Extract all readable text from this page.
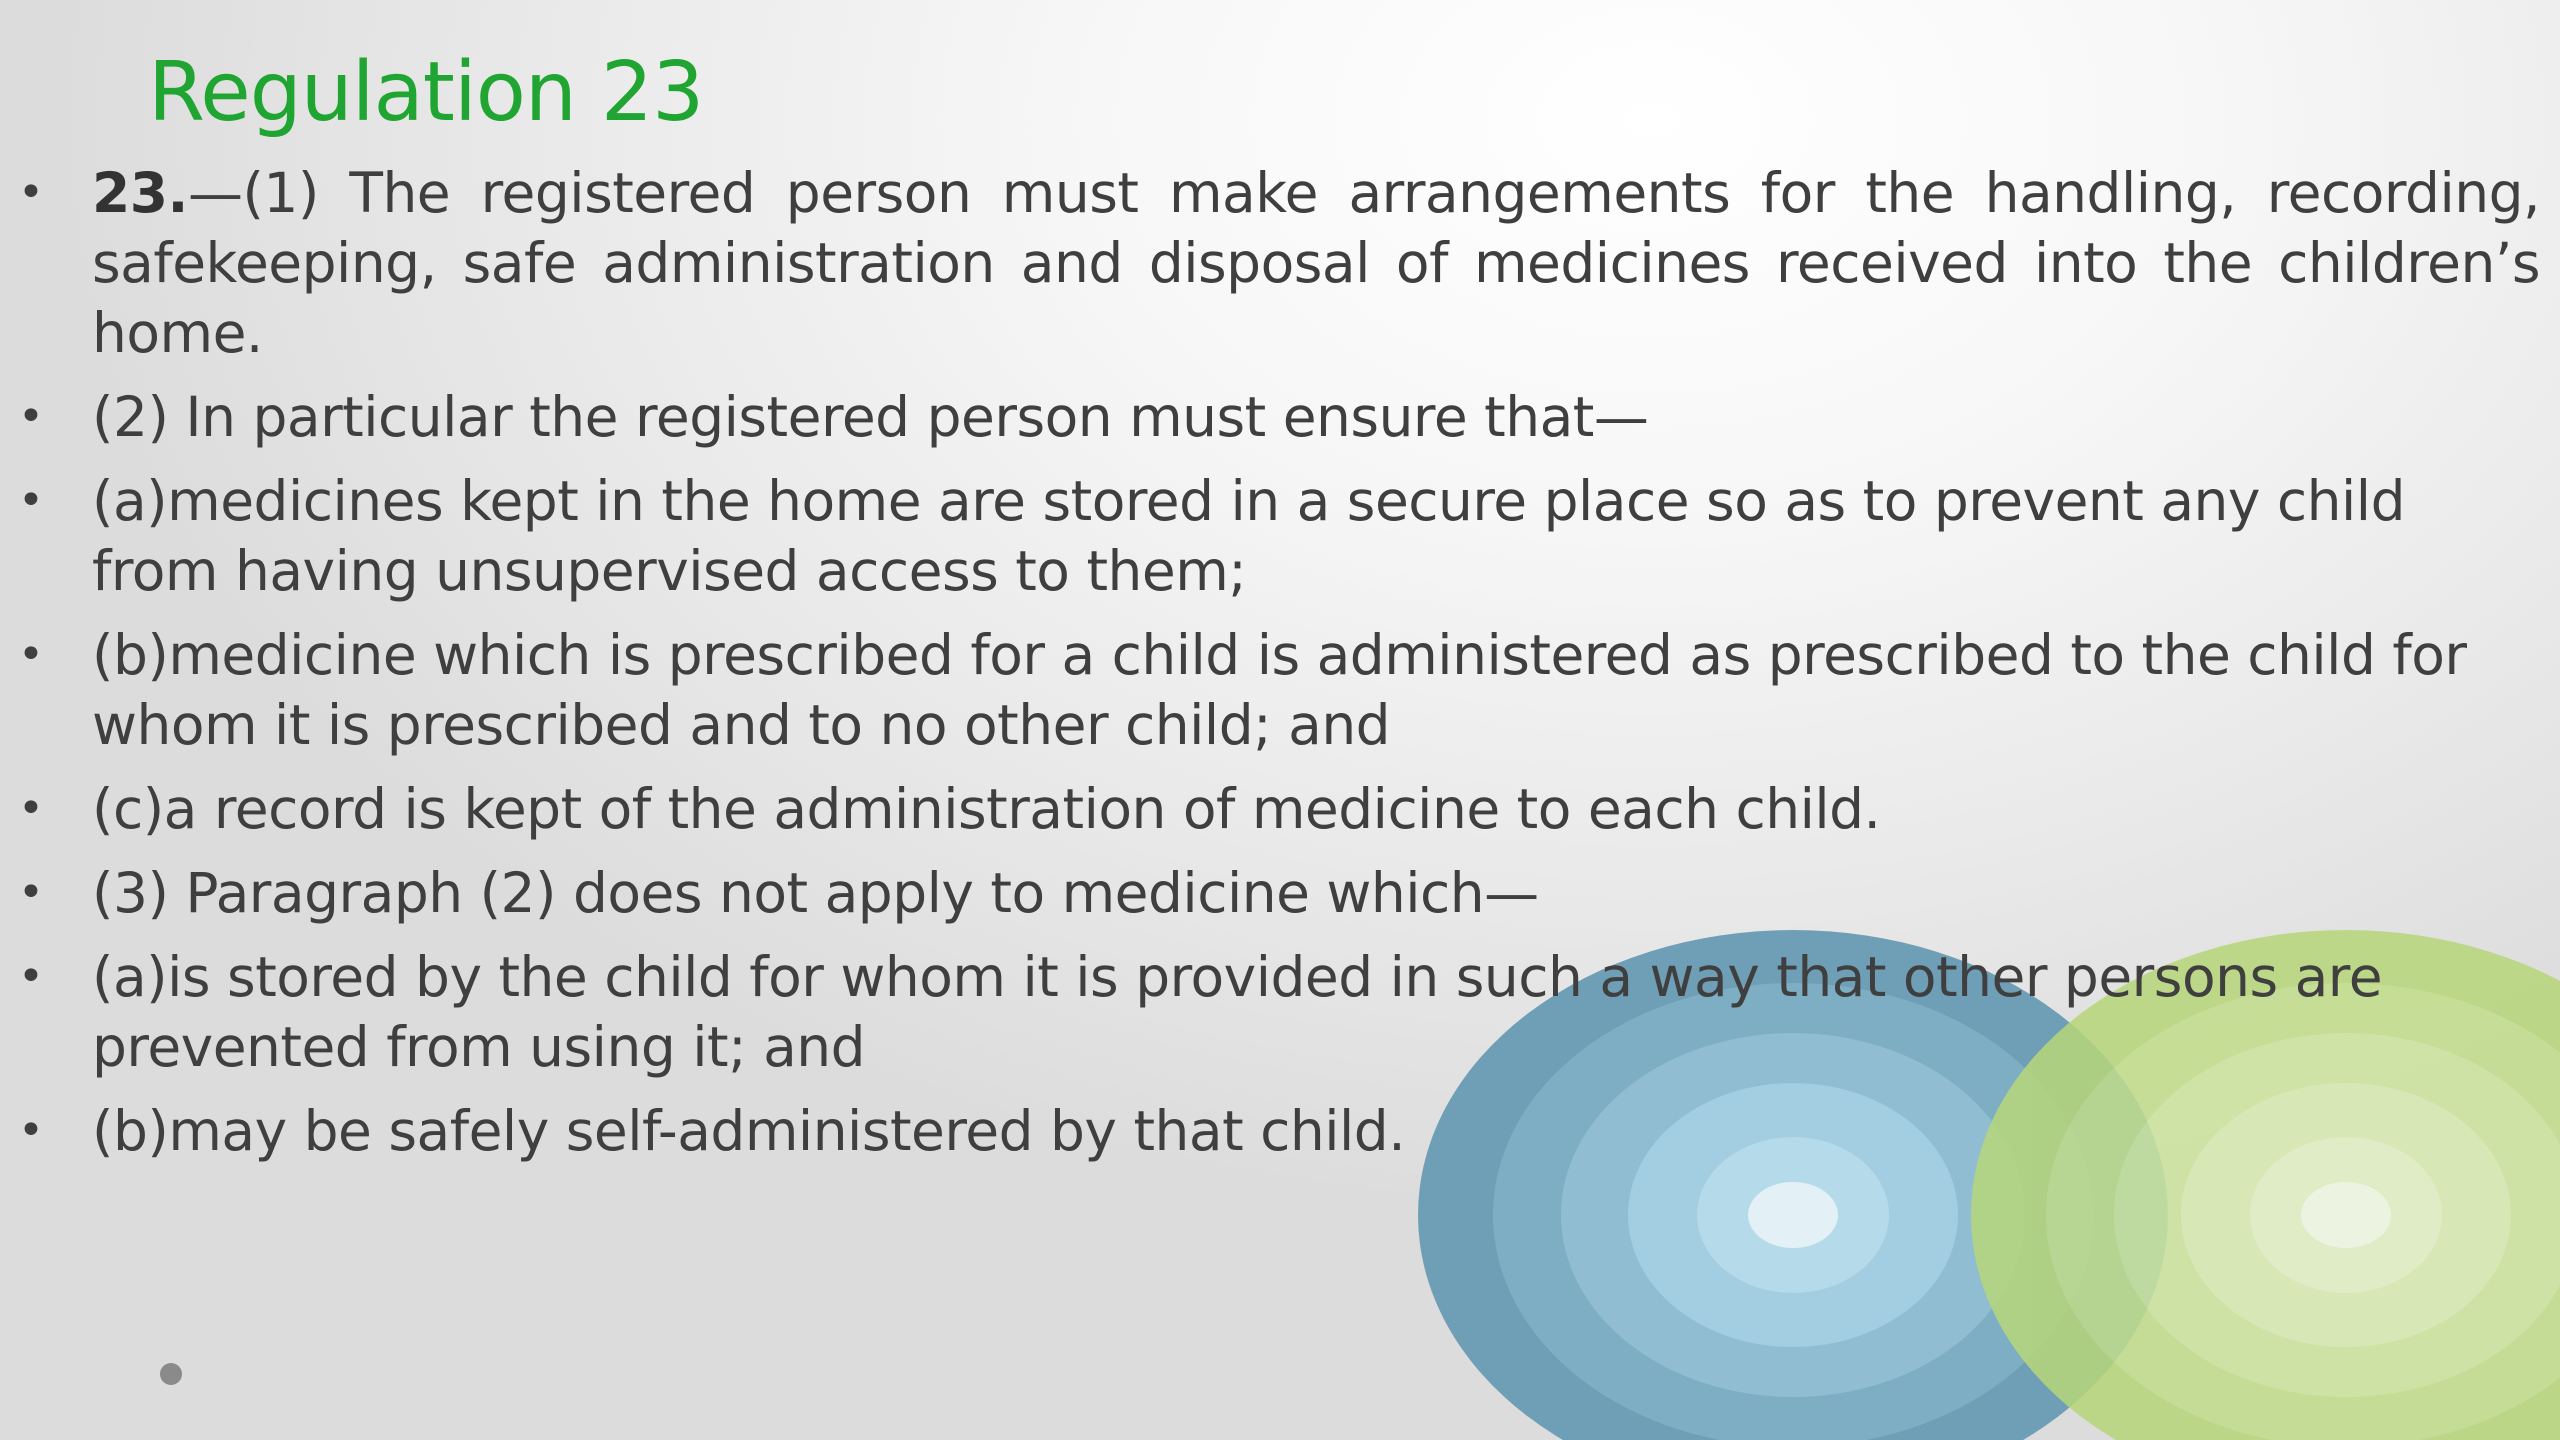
Regulation 23
• 23.—(1) The registered person must make arrangements for the handling, recording, safekeeping, safe administration and disposal of medicines received into the children’s home.
• (2) In particular the registered person must ensure that—
• (a)medicines kept in the home are stored in a secure place so as to prevent any child from having unsupervised access to them;
• (b)medicine which is prescribed for a child is administered as prescribed to the child for whom it is prescribed and to no other child; and
• (c)a record is kept of the administration of medicine to each child.
• (3) Paragraph (2) does not apply to medicine which—
• (a)is stored by the child for whom it is provided in such a way that other persons are prevented from using it; and
• (b)may be safely self-administered by that child.
